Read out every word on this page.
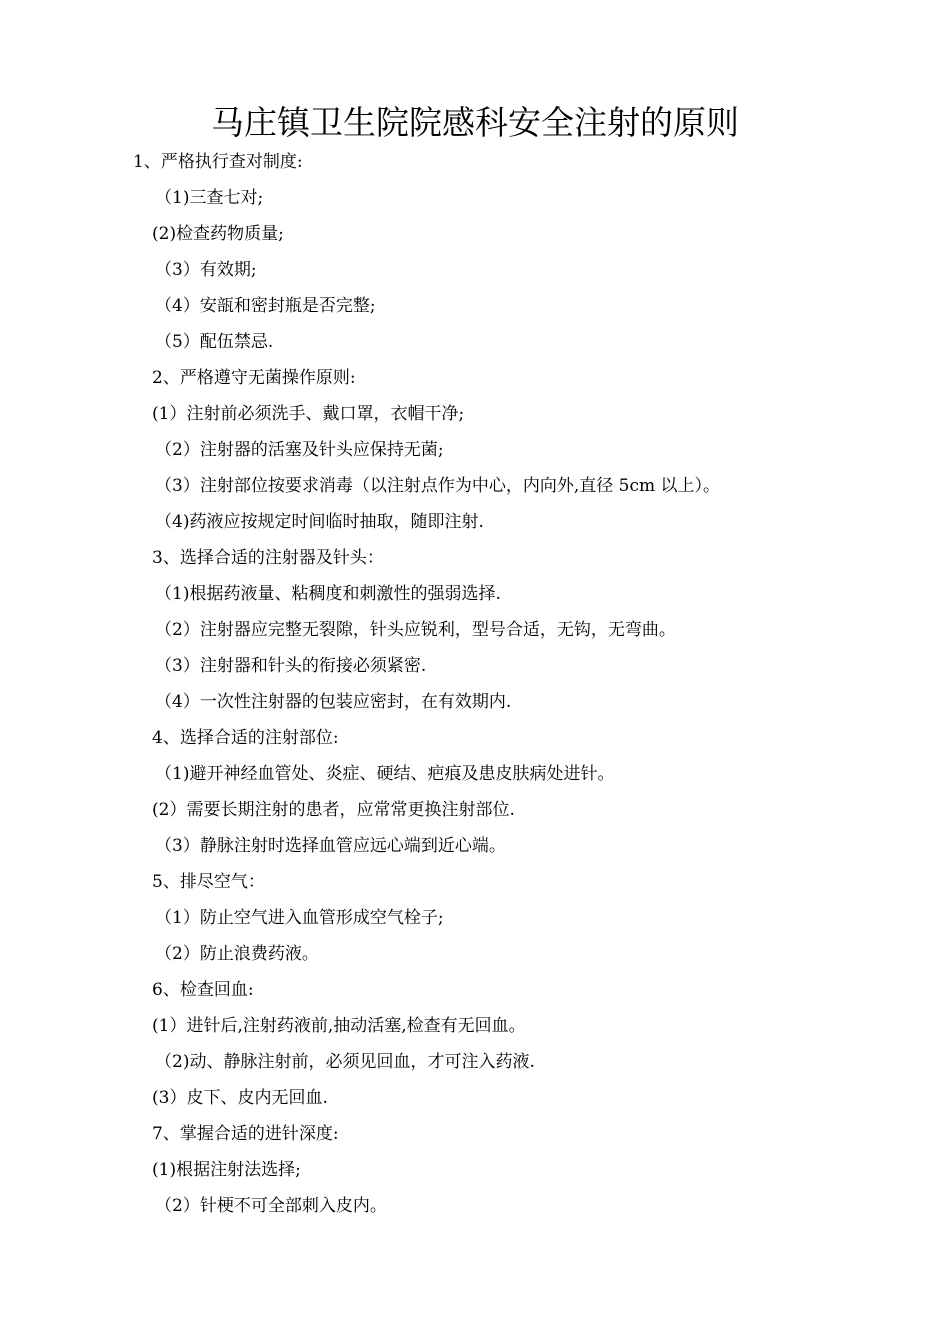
马庄镇卫生院院感科安全注射的原则
1、严格执行查对制度:
（1)三查七对;
(2)检查药物质量;
（3）有效期;
（4）安瓿和密封瓶是否完整;
（5）配伍禁忌.
2、严格遵守无菌操作原则:
(1）注射前必须洗手、戴口罩，衣帽干净;
（2）注射器的活塞及针头应保持无菌;
（3）注射部位按要求消毒（以注射点作为中心，内向外,直径 5cm 以上）。
（4)药液应按规定时间临时抽取，随即注射.
3、选择合适的注射器及针头：
（1)根据药液量、粘稠度和刺激性的强弱选择.
（2）注射器应完整无裂隙，针头应锐利，型号合适，无钩，无弯曲。
（3）注射器和针头的衔接必须紧密.
（4）一次性注射器的包装应密封，在有效期内.
4、选择合适的注射部位:
（1)避开神经血管处、炎症、硬结、疤痕及患皮肤病处进针。
(2）需要长期注射的患者，应常常更换注射部位.
（3）静脉注射时选择血管应远心端到近心端。
5、排尽空气：
（1）防止空气进入血管形成空气栓子;
（2）防止浪费药液。
6、检查回血:
(1）进针后,注射药液前,抽动活塞,检查有无回血。
（2)动、静脉注射前，必须见回血，才可注入药液.
(3）皮下、皮内无回血.
7、掌握合适的进针深度:
(1)根据注射法选择;
（2）针梗不可全部刺入皮内。
